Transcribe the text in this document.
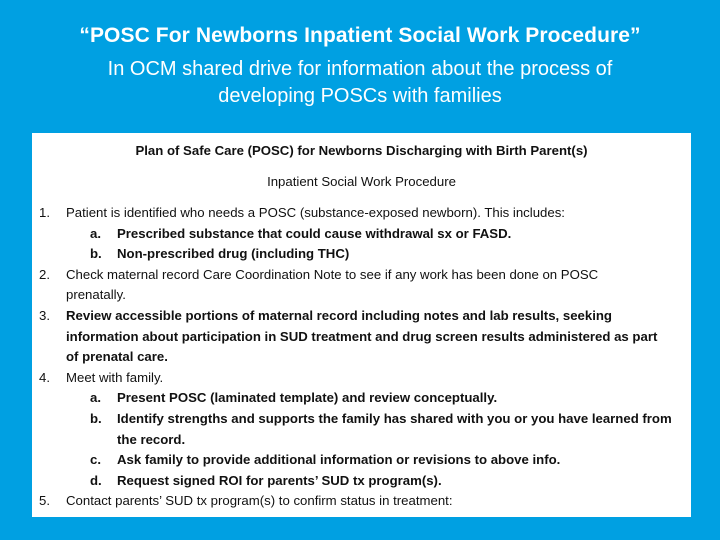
“POSC For Newborns Inpatient Social Work Procedure”
In OCM shared drive for information about the process of developing POSCs with families
Plan of Safe Care (POSC) for Newborns Discharging with Birth Parent(s)
Inpatient Social Work Procedure
1. Patient is identified who needs a POSC (substance-exposed newborn). This includes:
a. Prescribed substance that could cause withdrawal sx or FASD.
b. Non-prescribed drug (including THC)
2. Check maternal record Care Coordination Note to see if any work has been done on POSC
prenatally.
3. Review accessible portions of maternal record including notes and lab results, seeking
information about participation in SUD treatment and drug screen results administered as part
of prenatal care.
4. Meet with family.
a. Present POSC (laminated template) and review conceptually.
b. Identify strengths and supports the family has shared with you or you have learned from
the record.
c. Ask family to provide additional information or revisions to above info.
d. Request signed ROI for parents’ SUD tx program(s).
5. Contact parents’ SUD tx program(s) to confirm status in treatment:
